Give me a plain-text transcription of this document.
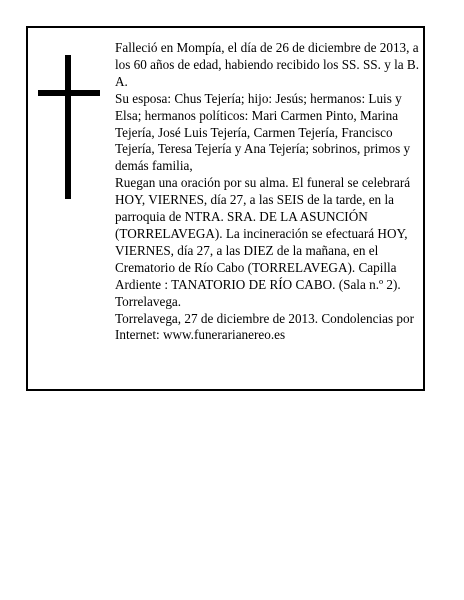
Falleció en Mompía, el día de 26 de diciembre de 2013, a los 60 años de edad, habiendo recibido los SS. SS. y la B. A.

Su esposa: Chus Tejería; hijo: Jesús; hermanos: Luis y Elsa; hermanos políticos: Mari Carmen Pinto, Marina Tejería, José Luis Tejería, Carmen Tejería, Francisco Tejería, Teresa Tejería y Ana Tejería; sobrinos, primos y demás familia,

Ruegan una oración por su alma. El funeral se celebrará HOY, VIERNES, día 27, a las SEIS de la tarde, en la parroquia de NTRA. SRA. DE LA ASUNCIÓN (TORRELAVEGA). La incineración se efectuará HOY, VIERNES, día 27, a las DIEZ de la mañana, en el Crematorio de Río Cabo (TORRELAVEGA). Capilla Ardiente : TANATORIO DE RÍO CABO. (Sala n.º 2). Torrelavega.

Torrelavega, 27 de diciembre de 2013. Condolencias por Internet: www.funerarianereo.es
